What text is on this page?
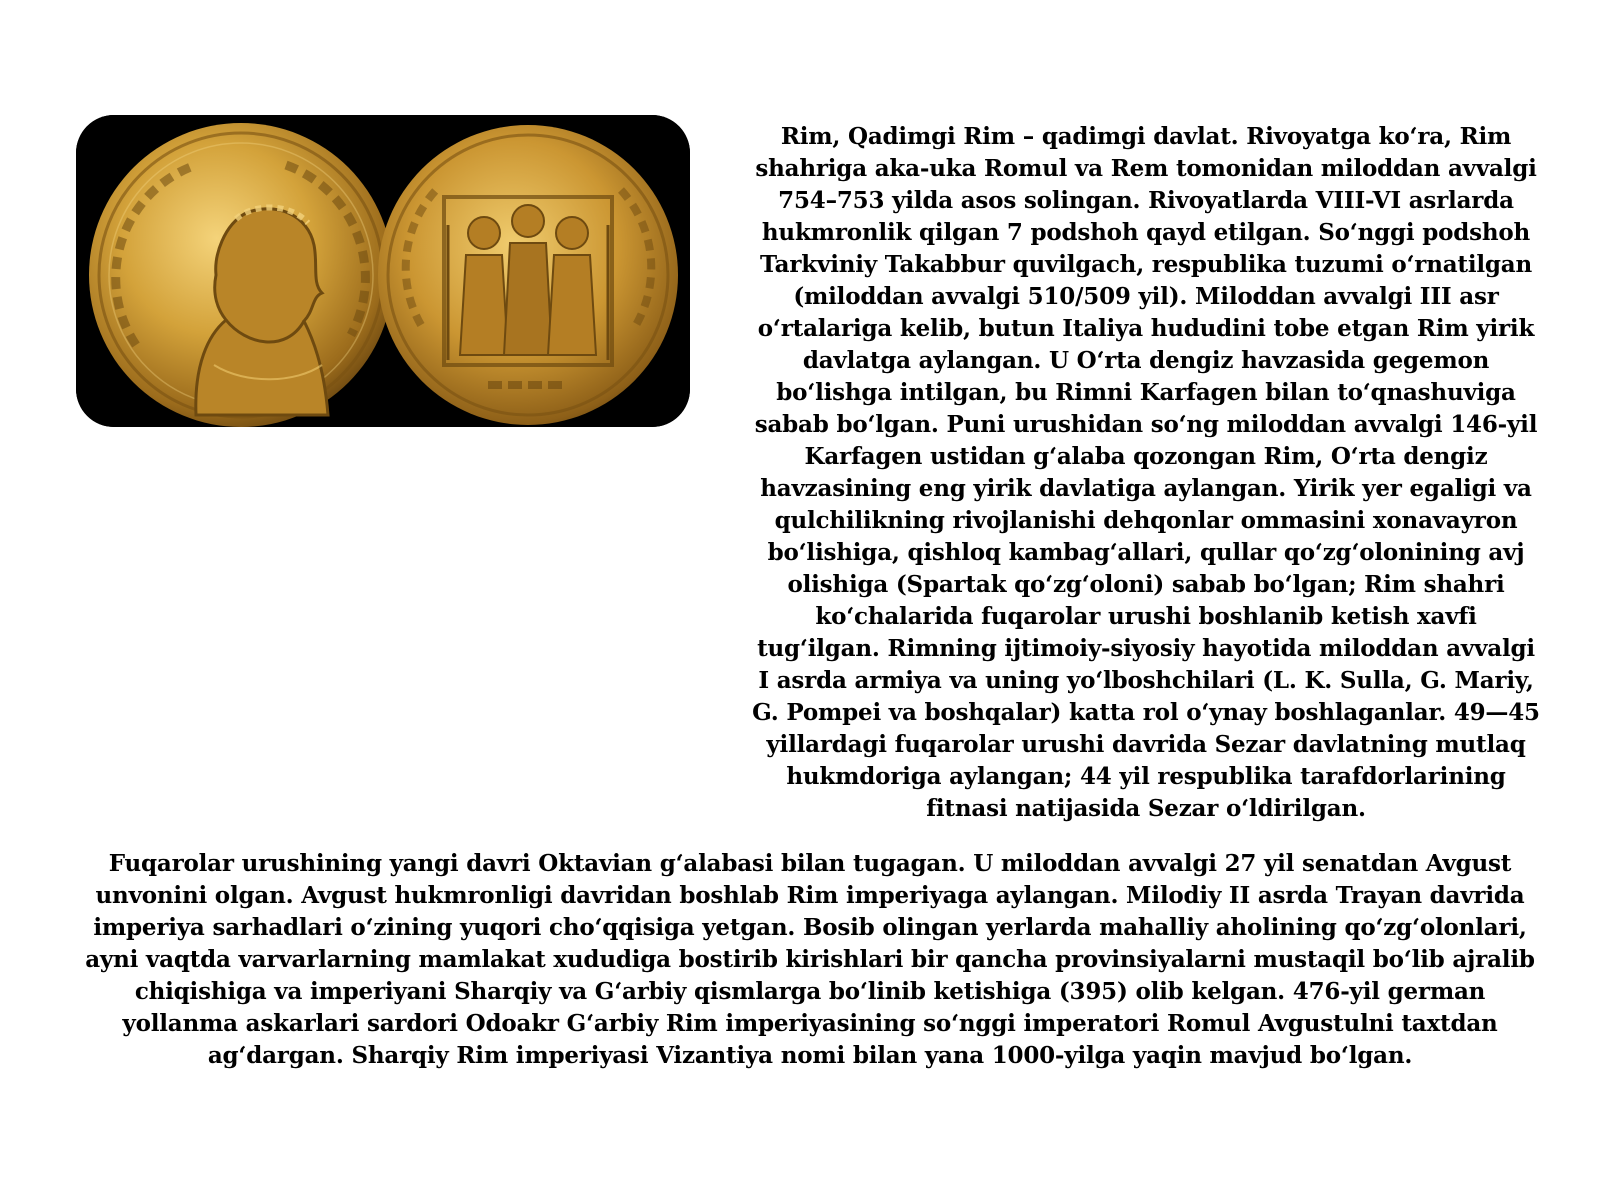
Rim, Qadimgi Rim – qadimgi davlat. Rivoyatga ko‘ra, Rim shahriga aka-uka Romul va Rem tomonidan miloddan avvalgi 754–753 yilda asos solingan. Rivoyatlarda VIII-VI asrlarda hukmronlik qilgan 7 podshoh qayd etilgan. So‘nggi podshoh Tarkviniy Takabbur quvilgach, respublika tuzumi o‘rnatilgan (miloddan avvalgi 510/509 yil). Miloddan avvalgi III asr o‘rtalariga kelib, butun Italiya hududini tobe etgan Rim yirik davlatga aylangan. U O‘rta dengiz havzasida gegemon bo‘lishga intilgan, bu Rimni Karfagen bilan to‘qnashuviga sabab bo‘lgan. Puni urushidan so‘ng miloddan avvalgi 146-yil Karfagen ustidan g‘alaba qozongan Rim, O‘rta dengiz havzasining eng yirik davlatiga aylangan. Yirik yer egaligi va qulchilikning rivojlanishi dehqonlar ommasini xonavayron bo‘lishiga, qishloq kambag‘allari, qullar qo‘zg‘olonining avj olishiga (Spartak qo‘zg‘oloni) sabab bo‘lgan; Rim shahri ko‘chalarida fuqarolar urushi boshlanib ketish xavfi tug‘ilgan. Rimning ijtimoiy-siyosiy hayotida miloddan avvalgi I asrda armiya va uning yo‘lboshchilari (L. K. Sulla, G. Mariy, G. Pompei va boshqalar) katta rol o‘ynay boshlaganlar. 49—45 yillardagi fuqarolar urushi davrida Sezar davlatning mutlaq hukmdoriga aylangan; 44 yil respublika tarafdorlarining fitnasi natijasida Sezar o‘ldirilgan.

Fuqarolar urushining yangi davri Oktavian g‘alabasi bilan tugagan. U miloddan avvalgi 27 yil senatdan Avgust unvonini olgan. Avgust hukmronligi davridan boshlab Rim imperiyaga aylangan. Milodiy II asrda Trayan davrida imperiya sarhadlari o‘zining yuqori cho‘qqisiga yetgan. Bosib olingan yerlarda mahalliy aholining qo‘zg‘olonlari, ayni vaqtda varvarlarning mamlakat xududiga bostirib kirishlari bir qancha provinsiyalarni mustaqil bo‘lib ajralib chiqishiga va imperiyani Sharqiy va G‘arbiy qismlarga bo‘linib ketishiga (395) olib kelgan. 476-yil german yollanma askarlari sardori Odoakr G‘arbiy Rim imperiyasining so‘nggi imperatori Romul Avgustulni taxtdan ag‘dargan. Sharqiy Rim imperiyasi Vizantiya nomi bilan yana 1000-yilga yaqin mavjud bo‘lgan.
